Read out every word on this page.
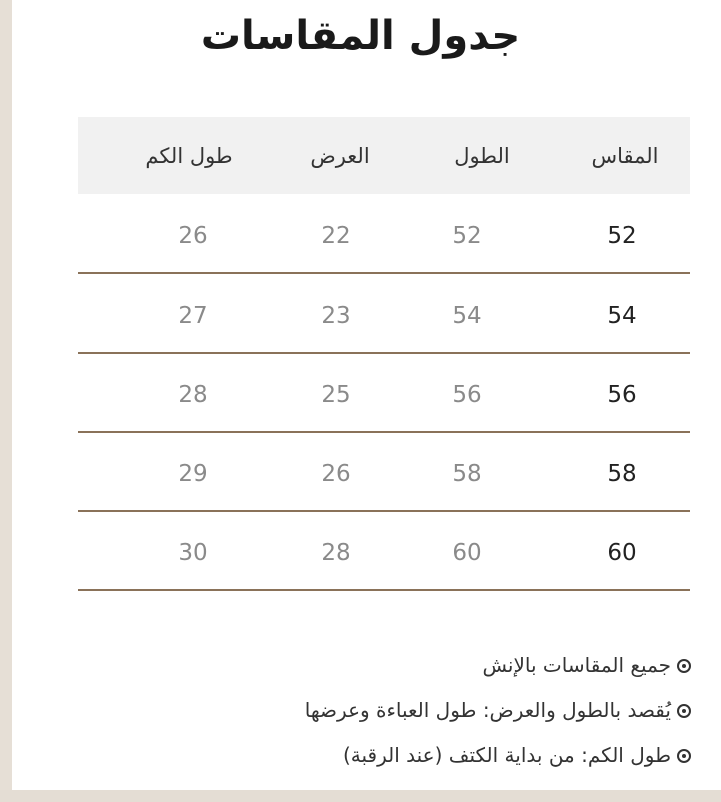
جدول المقاسات
المقاس
الطول
العرض
طول الكم
52
52
22
26
54
54
23
27
56
56
25
28
58
58
26
29
60
60
28
30
جميع المقاسات بالإنش
يُقصد بالطول والعرض: طول العباءة وعرضها
طول الكم: من بداية الكتف (عند الرقبة)
